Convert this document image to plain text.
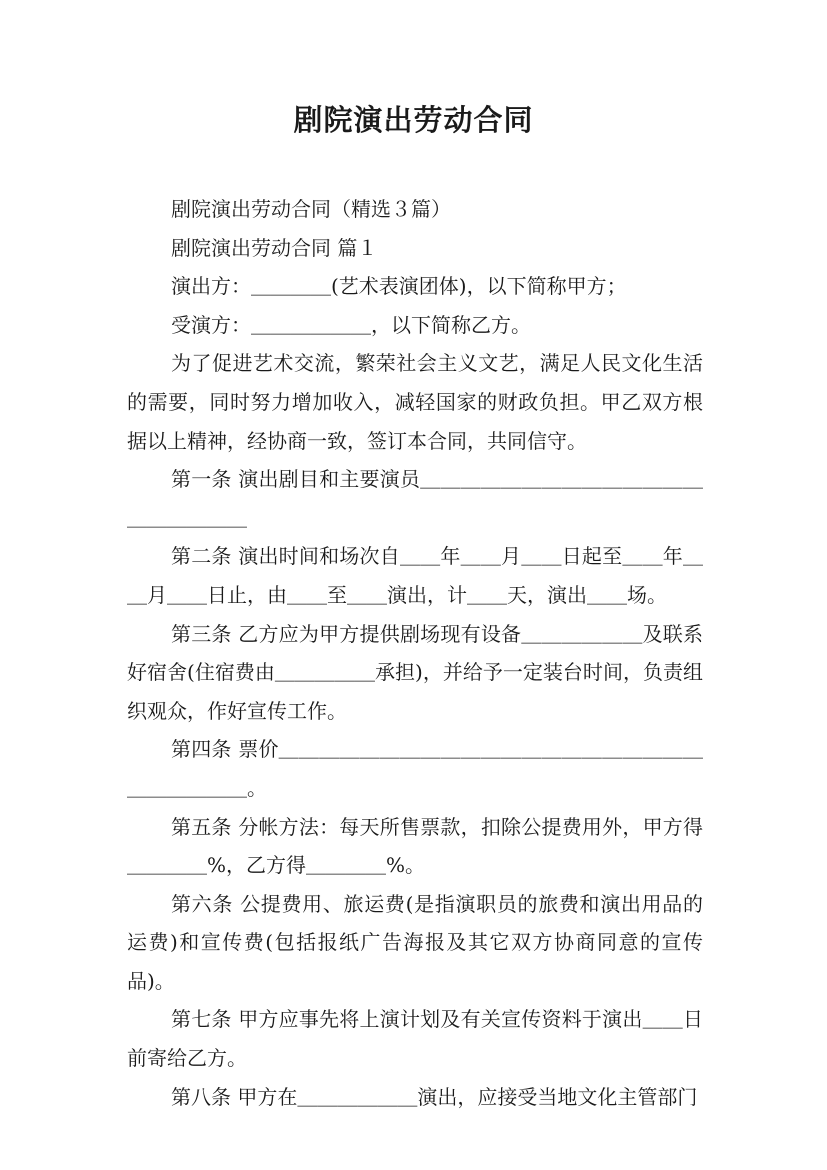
剧院演出劳动合同

剧院演出劳动合同（精选３篇）

剧院演出劳动合同 篇１

演出方：＿＿＿＿(艺术表演团体)，以下简称甲方；

受演方：＿＿＿＿＿＿，以下简称乙方。

为了促进艺术交流，繁荣社会主义文艺，满足人民文化生活的需要，同时努力增加收入，减轻国家的财政负担。甲乙双方根据以上精神，经协商一致，签订本合同，共同信守。

第一条 演出剧目和主要演员＿＿＿＿＿＿＿＿＿＿＿＿＿＿＿＿＿＿＿＿

第二条 演出时间和场次自＿＿年＿＿月＿＿日起至＿＿年＿＿月＿＿日止，由＿＿至＿＿演出，计＿＿天，演出＿＿场。

第三条 乙方应为甲方提供剧场现有设备＿＿＿＿＿＿及联系好宿舍(住宿费由＿＿＿＿＿承担)，并给予一定装台时间，负责组织观众，作好宣传工作。

第四条 票价＿＿＿＿＿＿＿＿＿＿＿＿＿＿＿＿＿＿＿＿＿＿＿＿＿＿＿。

第五条 分帐方法：每天所售票款，扣除公提费用外，甲方得＿＿＿＿%，乙方得＿＿＿＿%。

第六条 公提费用、旅运费(是指演职员的旅费和演出用品的运费)和宣传费(包括报纸广告海报及其它双方协商同意的宣传品)。

第七条 甲方应事先将上演计划及有关宣传资料于演出＿＿日前寄给乙方。

第八条 甲方在＿＿＿＿＿＿演出，应接受当地文化主管部门
